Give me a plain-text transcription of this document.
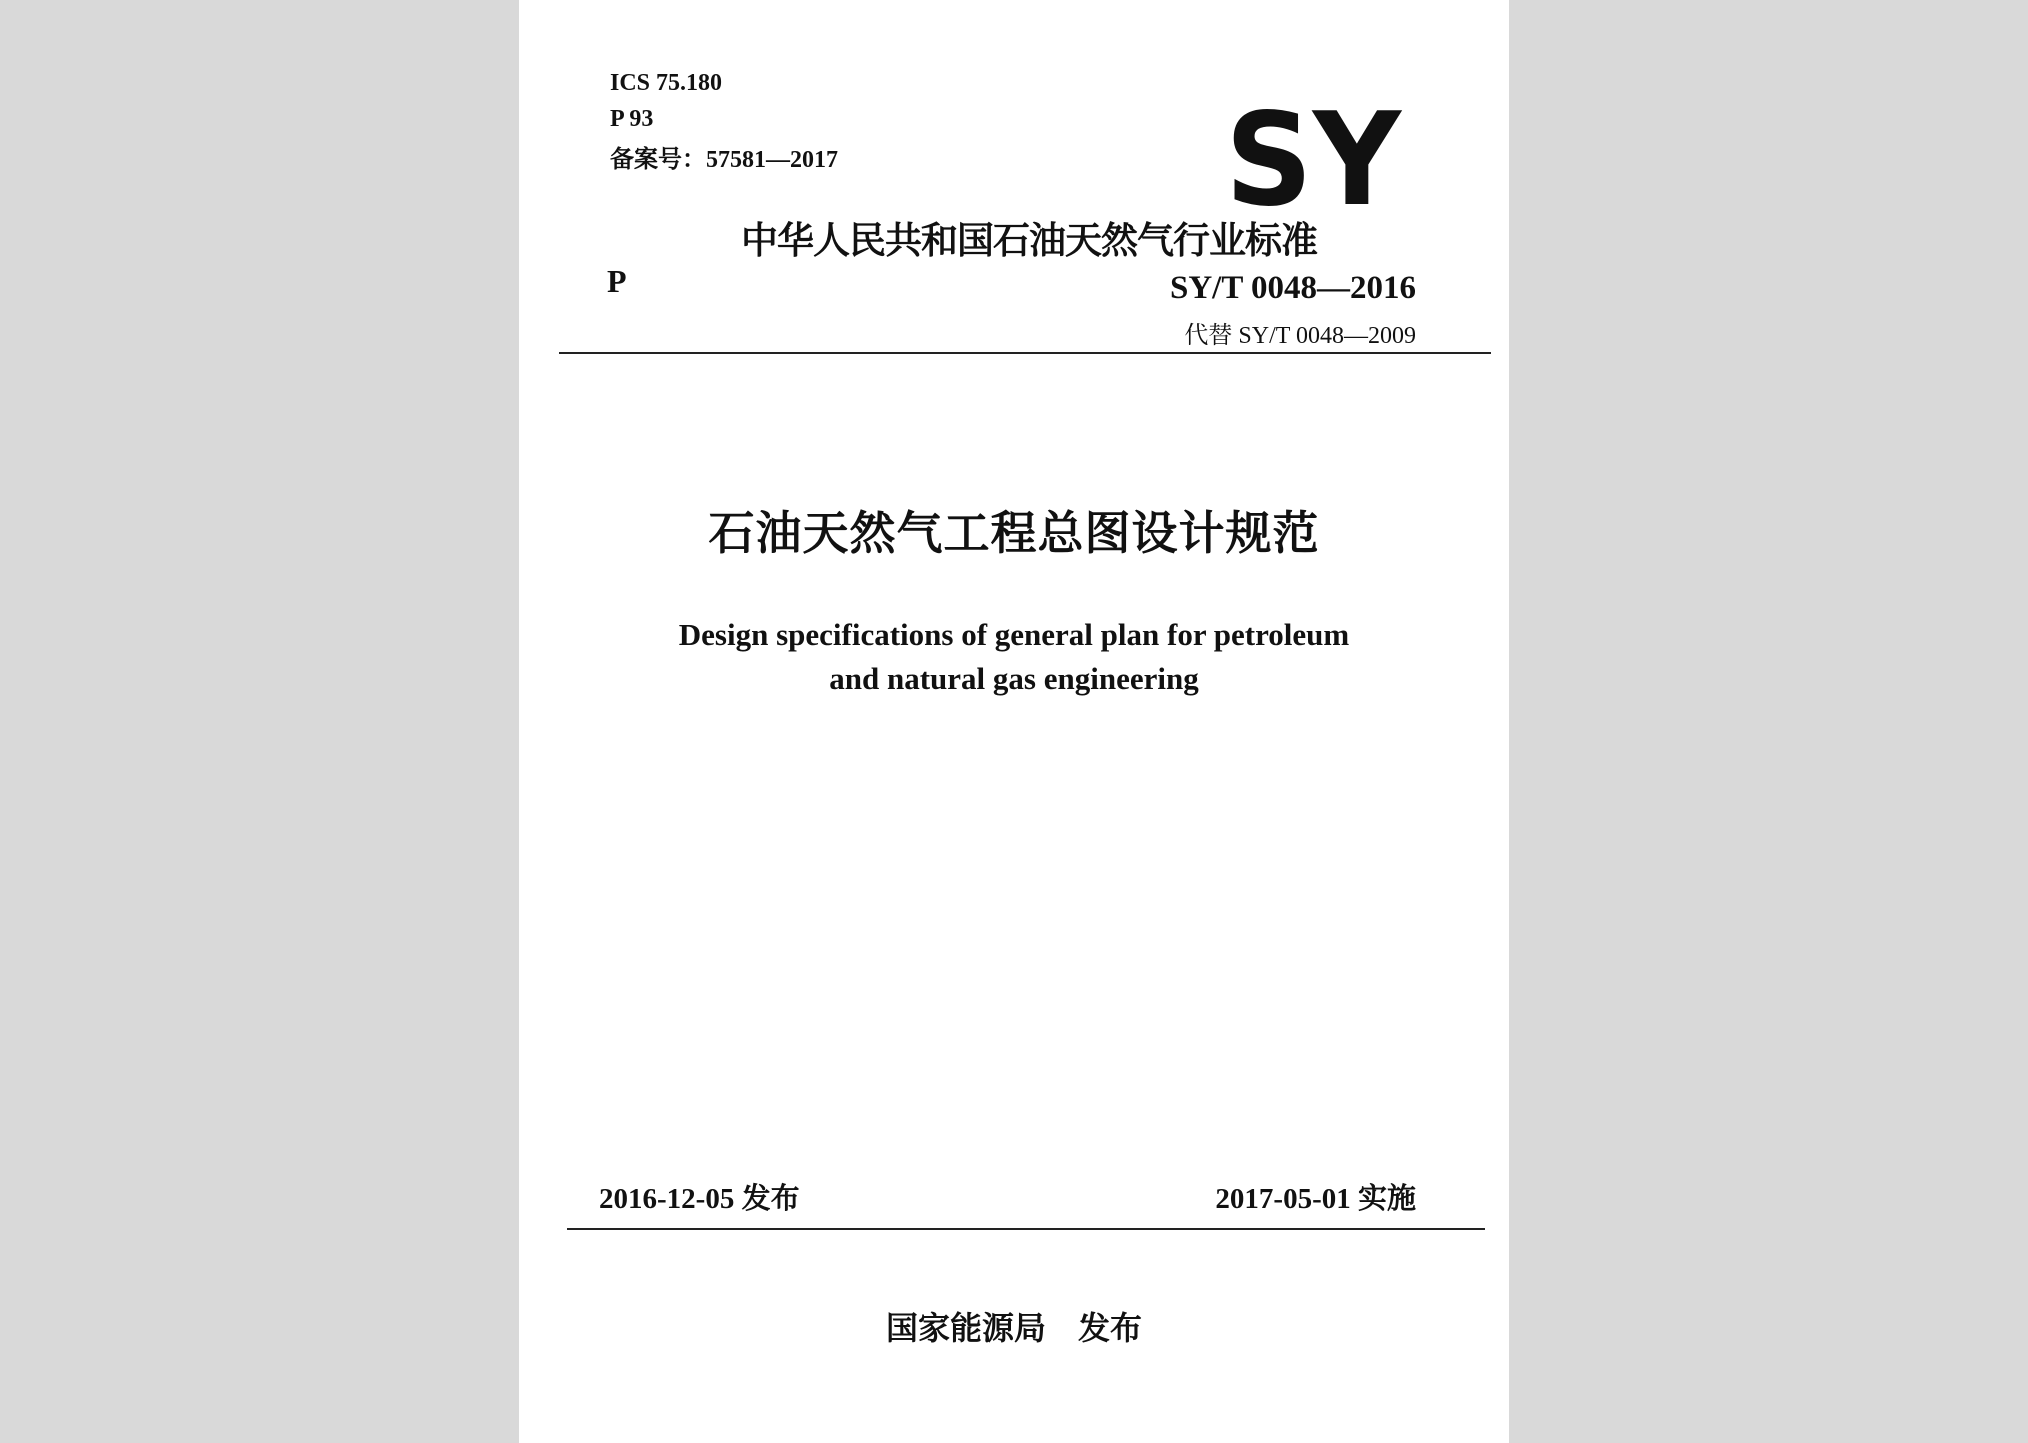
ICS 75.180
P 93
备案号：57581—2017	SY
中华人民共和国石油天然气行业标准
P	SY/T 0048—2016
代替 SY/T 0048—2009
石油天然气工程总图设计规范
Design specifications of general plan for petroleum
and natural gas engineering
2016-12-05 发布	2017-05-01 实施
国家能源局　发布
